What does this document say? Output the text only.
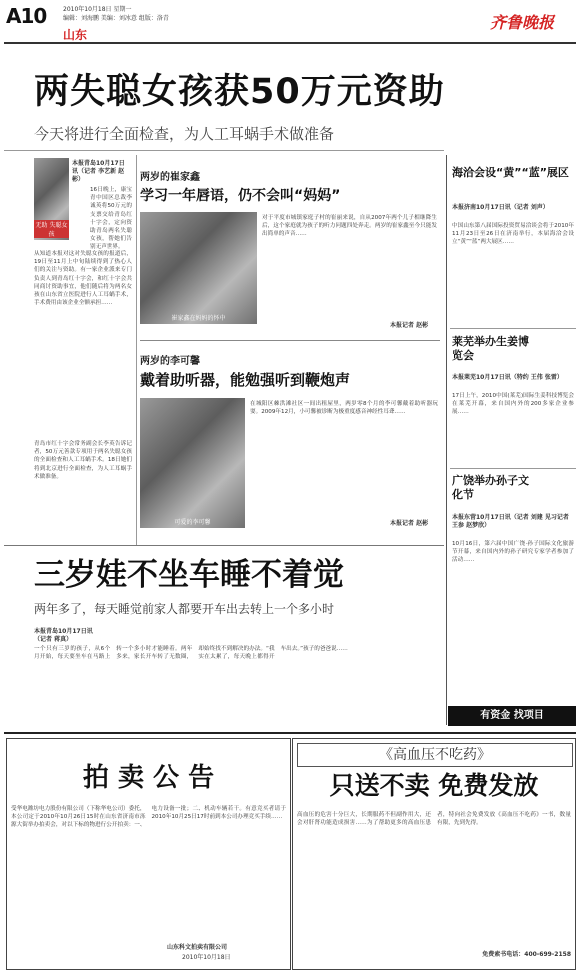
A10	2010年10月18日 星期一
编辑：刘海鹏 美编：刘冰意 组版：洛青
山东
齐鲁晚报
两失聪女孩获50万元资助
今天将进行全面检查，为人工耳蜗手术做准备
本报青岛10月17日讯（记者 李艺新 赵彬）
无助 失聪女孩
16日晚上，康宝青中国区总裁李诚英将50万元的支票交给青岛红十字会，定向资助青岛两名失聪女孩，帮她们告别无声世界。
从知道本报对这对失聪女孩的报道后，19日至11月上中旬陆续得到了热心人们的关注与资助。有一家企业派来专门负责人到青岛红十字会，和红十字会共同商讨资助事宜，他们随后将为两名女孩在山东省立医院进行人工耳蜗手术，手术费用由该企业全额承担……
青岛市红十字会常务副会长李英告诉记者，50万元善款专项用于两名失聪女孩的全面检查和人工耳蜗手术。18日她们将到北京进行全面检查，为人工耳蜗手术做准备。
两岁的崔家鑫
学习一年唇语，仍不会叫“妈妈”
崔家鑫在妈妈的怀中
对于平度市城镇家庭子村的崔丽来说，自从2007年两个儿子相继降生后，这个家庭就为孩子的听力问题四处奔走。两岁的崔家鑫至今只能发出简单的声音……
本报记者 赵彬
两岁的李可馨
戴着助听器，能勉强听到鞭炮声
可爱的李可馨
在城阳区棘洪滩社区一间出租屋里，两岁零8个月的李可馨戴着助听器玩耍。2009年12月，小可馨被诊断为极重度感音神经性耳聋……
本报记者 赵彬
三岁娃不坐车睡不着觉
两年多了，每天睡觉前家人都要开车出去转上一个多小时
本报青岛10月17日讯（记者 蒋真）
一个只有三岁的孩子，从6个月开始，每天要坐车在马路上转一个多小时才能睡着。两年多来，家长开车转了无数圈，却始终找不到解决的办法。“我实在太累了，每天晚上都得开车出去。”孩子的爸爸说……
海洽会设“黄”“蓝”展区
本报济南10月17日讯（记者 刘声）
中国山东第八届国际投资贸易洽谈会将于2010年11月23日至26日在济南举行，本届海洽会设立“黄”“蓝”两大展区……
莱芜举办生姜博览会
本报莱芜10月17日讯（特约 王伟 张雷）
17日上午，2010中国(莱芜)国际生姜科技博览会在莱芜开幕，来自国内外的200多家企业参展……
广饶举办孙子文化节
本报东营10月17日讯（记者 刘建 见习记者 王参 赵梦欣）
10月16日，第六届中国广饶·孙子国际文化旅游节开幕，来自国内外的孙子研究专家学者参加了活动……
有资金 找项目
拍 卖 公 告
受华电潍坊电力股份有限公司（下称华电公司）委托，本公司定于2010年10月26日15时在山东省济南市泺源大街举办拍卖会，对以下标的物进行公开拍卖：一、电力设备一批；二、机动车辆若干。有意竞买者请于2010年10月25日17时前到本公司办理竞买手续……
山东科文拍卖有限公司
2010年10月18日
《高血压不吃药》
只送不卖 免费发放
高血压的危害十分巨大，长期服药不但副作用大，还会对肝肾功能造成损害……为了帮助更多的高血压患者，特向社会免费发放《高血压不吃药》一书，数量有限，先到先得。
免费索书电话：400-699-2158
